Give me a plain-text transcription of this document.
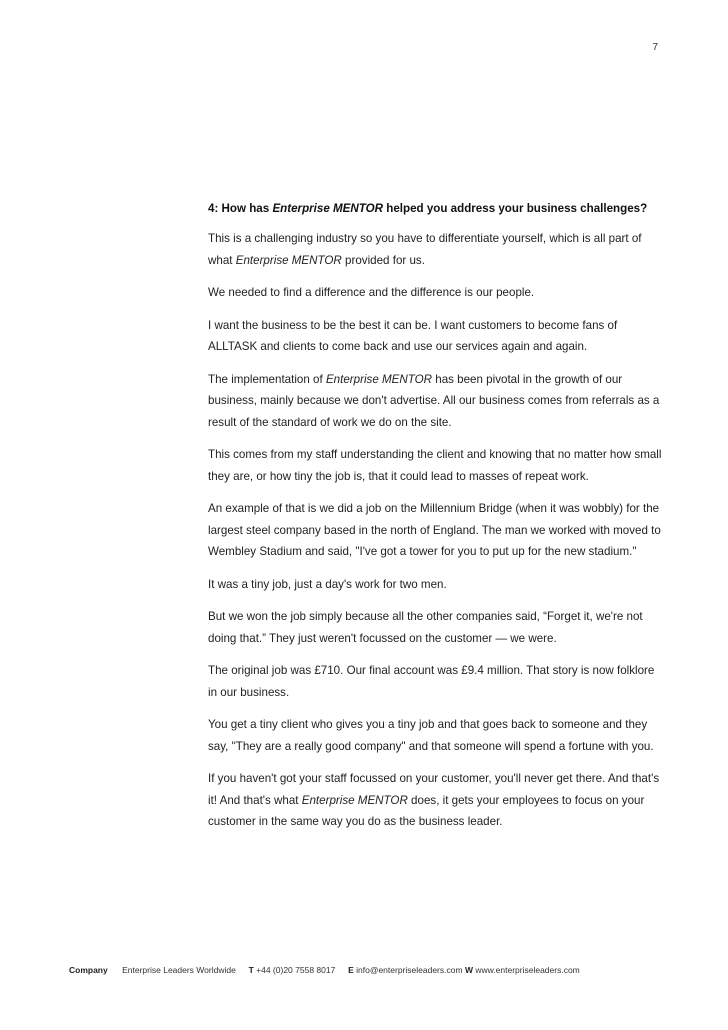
7

4: How has Enterprise MENTOR helped you address your business challenges?

This is a challenging industry so you have to differentiate yourself, which is all part of what Enterprise MENTOR provided for us.

We needed to find a difference and the difference is our people.

I want the business to be the best it can be. I want customers to become fans of ALLTASK and clients to come back and use our services again and again.

The implementation of Enterprise MENTOR has been pivotal in the growth of our business, mainly because we don't advertise. All our business comes from referrals as a result of the standard of work we do on the site.

This comes from my staff understanding the client and knowing that no matter how small they are, or how tiny the job is, that it could lead to masses of repeat work.

An example of that is we did a job on the Millennium Bridge (when it was wobbly) for the largest steel company based in the north of England. The man we worked with moved to Wembley Stadium and said, "I've got a tower for you to put up for the new stadium."

It was a tiny job, just a day's work for two men.

But we won the job simply because all the other companies said, “Forget it, we're not doing that.” They just weren't focussed on the customer — we were.

The original job was £710. Our final account was £9.4 million. That story is now folklore in our business.

You get a tiny client who gives you a tiny job and that goes back to someone and they say, "They are a really good company" and that someone will spend a fortune with you.

If you haven't got your staff focussed on your customer, you'll never get there. And that's it! And that's what Enterprise MENTOR does, it gets your employees to focus on your customer in the same way you do as the business leader.

Company Enterprise Leaders Worldwide T +44 (0)20 7558 8017 E info@enterpriseleaders.com W www.enterpriseleaders.com
